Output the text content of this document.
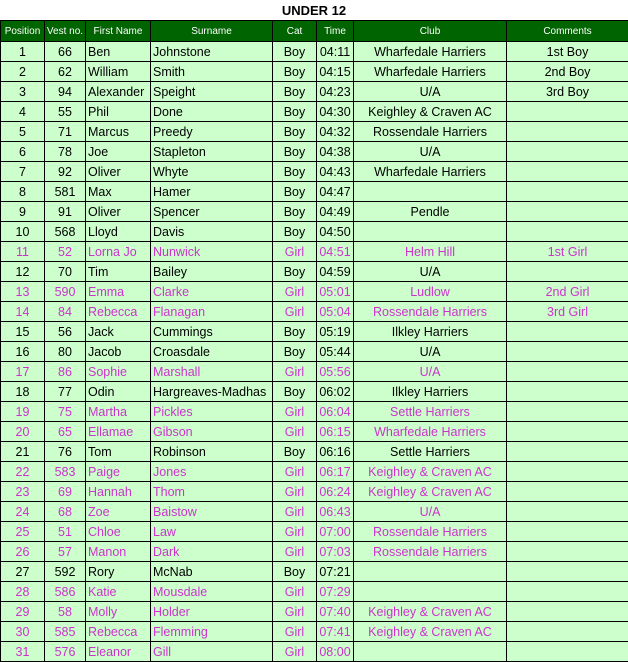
UNDER 12
Position	Vest no.	First Name	Surname	Cat	Time	Club	Comments
1	66	Ben	Johnstone	Boy	04:11	Wharfedale Harriers	1st Boy
2	62	William	Smith	Boy	04:15	Wharfedale Harriers	2nd Boy
3	94	Alexander	Speight	Boy	04:23	U/A	3rd Boy
4	55	Phil	Done	Boy	04:30	Keighley & Craven AC	
5	71	Marcus	Preedy	Boy	04:32	Rossendale Harriers	
6	78	Joe	Stapleton	Boy	04:38	U/A	
7	92	Oliver	Whyte	Boy	04:43	Wharfedale Harriers	
8	581	Max	Hamer	Boy	04:47		
9	91	Oliver	Spencer	Boy	04:49	Pendle	
10	568	Lloyd	Davis	Boy	04:50		
11	52	Lorna Jo	Nunwick	Girl	04:51	Helm Hill	1st Girl
12	70	Tim	Bailey	Boy	04:59	U/A	
13	590	Emma	Clarke	Girl	05:01	Ludlow	2nd Girl
14	84	Rebecca	Flanagan	Girl	05:04	Rossendale Harriers	3rd Girl
15	56	Jack	Cummings	Boy	05:19	Ilkley Harriers	
16	80	Jacob	Croasdale	Boy	05:44	U/A	
17	86	Sophie	Marshall	Girl	05:56	U/A	
18	77	Odin	Hargreaves-Madhas	Boy	06:02	Ilkley Harriers	
19	75	Martha	Pickles	Girl	06:04	Settle Harriers	
20	65	Ellamae	Gibson	Girl	06:15	Wharfedale Harriers	
21	76	Tom	Robinson	Boy	06:16	Settle Harriers	
22	583	Paige	Jones	Girl	06:17	Keighley & Craven AC	
23	69	Hannah	Thom	Girl	06:24	Keighley & Craven AC	
24	68	Zoe	Baistow	Girl	06:43	U/A	
25	51	Chloe	Law	Girl	07:00	Rossendale Harriers	
26	57	Manon	Dark	Girl	07:03	Rossendale Harriers	
27	592	Rory	McNab	Boy	07:21		
28	586	Katie	Mousdale	Girl	07:29		
29	58	Molly	Holder	Girl	07:40	Keighley & Craven AC	
30	585	Rebecca	Flemming	Girl	07:41	Keighley & Craven AC	
31	576	Eleanor	Gill	Girl	08:00		
